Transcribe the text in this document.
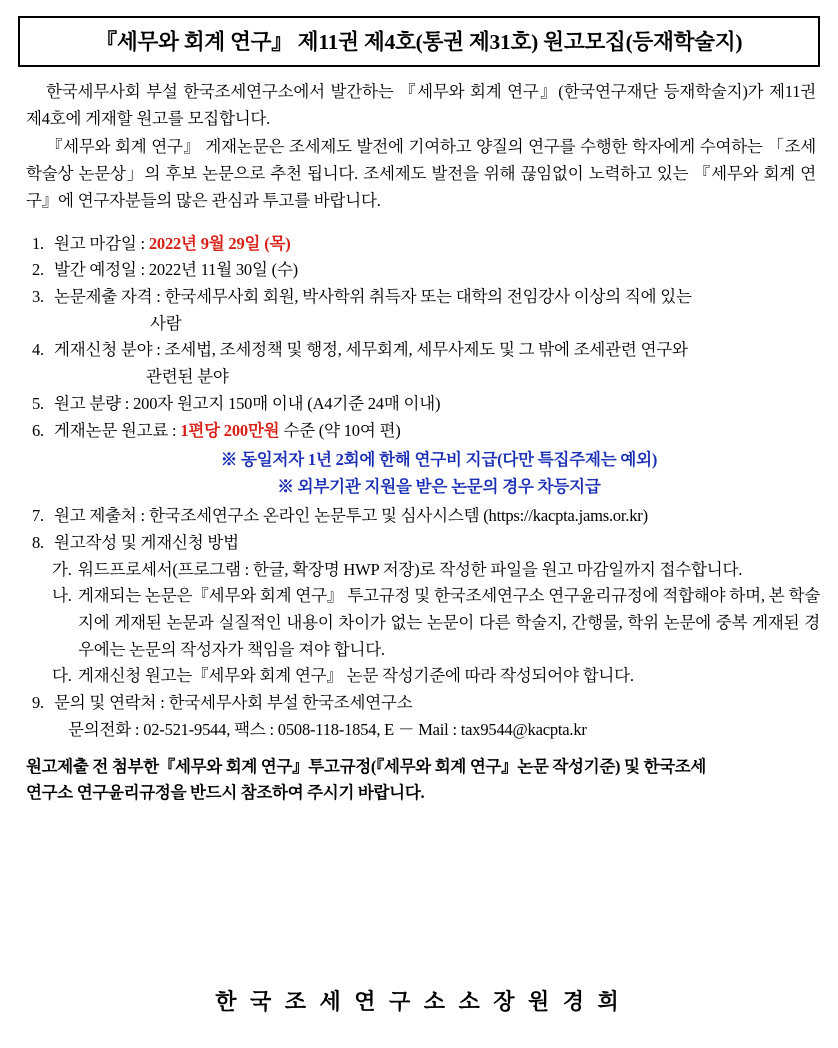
『세무와 회계 연구』 제11권 제4호(통권 제31호) 원고모집(등재학술지)

한국세무사회 부설 한국조세연구소에서 발간하는 『세무와 회계 연구』(한국연구재단 등재학술지)가 제11권 제4호에 게재할 원고를 모집합니다.

『세무와 회계 연구』 게재논문은 조세제도 발전에 기여하고 양질의 연구를 수행한 학자에게 수여하는 「조세학술상 논문상」의 후보 논문으로 추천 됩니다. 조세제도 발전을 위해 끊임없이 노력하고 있는 『세무와 회계 연구』에 연구자분들의 많은 관심과 투고를 바랍니다.

1. 원고 마감일 : 2022년 9월 29일 (목)
2. 발간 예정일 : 2022년 11월 30일 (수)
3. 논문제출 자격 : 한국세무사회 회원, 박사학위 취득자 또는 대학의 전임강사 이상의 직에 있는
사람
4. 게재신청 분야 : 조세법, 조세정책 및 행정, 세무회계, 세무사제도 및 그 밖에 조세관련 연구와
관련된 분야
5. 원고 분량 : 200자 원고지 150매 이내 (A4기준 24매 이내)
6. 게재논문 원고료 : 1편당 200만원 수준 (약 10여 편)
※ 동일저자 1년 2회에 한해 연구비 지급(다만 특집주제는 예외)
※ 외부기관 지원을 받은 논문의 경우 차등지급
7. 원고 제출처 : 한국조세연구소 온라인 논문투고 및 심사시스템 (https://kacpta.jams.or.kr)
8. 원고작성 및 게재신청 방법
가. 워드프로세서(프로그램 : 한글, 확장명 HWP 저장)로 작성한 파일을 원고 마감일까지 접수합니다.
나. 게재되는 논문은『세무와 회계 연구』 투고규정 및 한국조세연구소 연구윤리규정에 적합해야 하며, 본 학술지에 게재된 논문과 실질적인 내용이 차이가 없는 논문이 다른 학술지, 간행물, 학위 논문에 중복 게재된 경우에는 논문의 작성자가 책임을 져야 합니다.
다. 게재신청 원고는『세무와 회계 연구』 논문 작성기준에 따라 작성되어야 합니다.
9. 문의 및 연락처 : 한국세무사회 부설 한국조세연구소
문의전화 : 02-521-9544, 팩스 : 0508-118-1854, E － Mail : tax9544@kacpta.kr
원고제출 전 첨부한『세무와 회계 연구』투고규정(『세무와 회계 연구』논문 작성기준) 및 한국조세
연구소 연구윤리규정을 반드시 참조하여 주시기 바랍니다.
한 국 조 세 연 구 소 소 장 원 경 희
